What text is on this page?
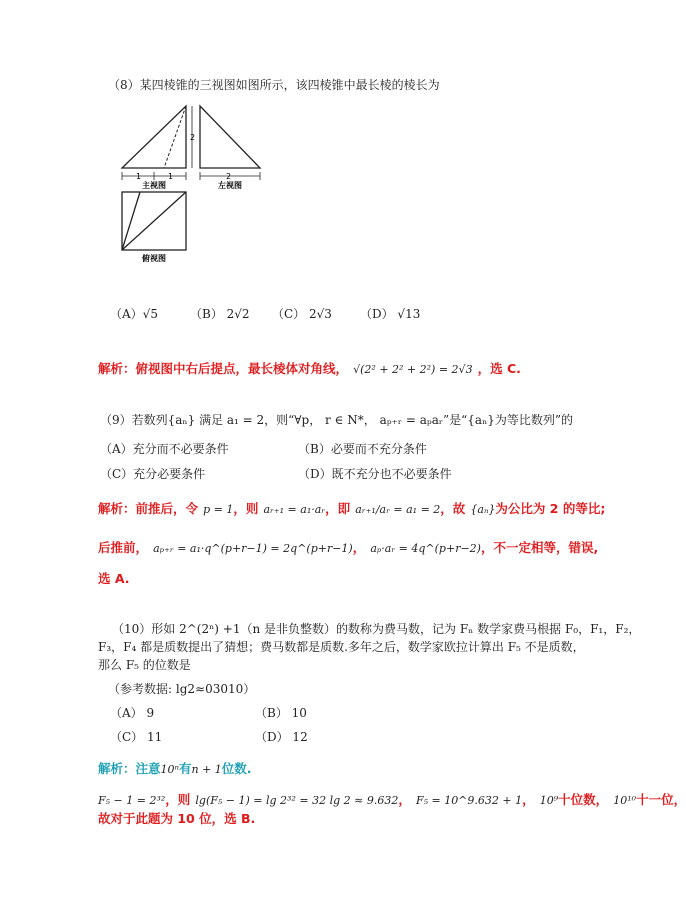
（8）某四棱锥的三视图如图所示，该四棱锥中最长棱的棱长为
2
1	1
主视图
2
左视图
俯视图
（A）√5	（B） 2√2 （C） 2√3 （D） √13
解析：俯视图中右后提点，最长棱体对角线， √(2² + 2² + 2²) = 2√3 ，选 C.
（9）若数列{aₙ} 满足 a₁ = 2，则“∀p， r ∈ N*， aₚ₊ᵣ = aₚaᵣ”是“{aₙ}为等比数列”的
（A）充分而不必要条件	（B）必要而不充分条件
（C）充分必要条件	（D）既不充分也不必要条件
解析：前推后，令 p = 1，则 aᵣ₊₁ = a₁·aᵣ，即 aᵣ₊₁/aᵣ = a₁ = 2，故 {aₙ}为公比为 2 的等比;
后推前， aₚ₊ᵣ = a₁·q^(p+r−1) = 2q^(p+r−1)， aₚ·aᵣ = 4q^(p+r−2)，不一定相等，错误,
选 A.
（10）形如 2^(2ⁿ) +1（n 是非负整数）的数称为费马数，记为 Fₙ 数学家费马根据 F₀，F₁，F₂，
F₃，F₄ 都是质数提出了猜想；费马数都是质数.多年之后，数学家欧拉计算出 F₅ 不是质数，
那么 F₅ 的位数是
（参考数据: lg2≈03010）
（A） 9	（B） 10
（C） 11	（D） 12
解析：注意10ⁿ有n + 1位数.
F₅ − 1 = 2³²，则 lg(F₅ − 1) = lg 2³² = 32 lg 2 ≈ 9.632， F₅ = 10^9.632 + 1， 10⁹十位数， 10¹⁰十一位，
故对于此题为 10 位，选 B.
